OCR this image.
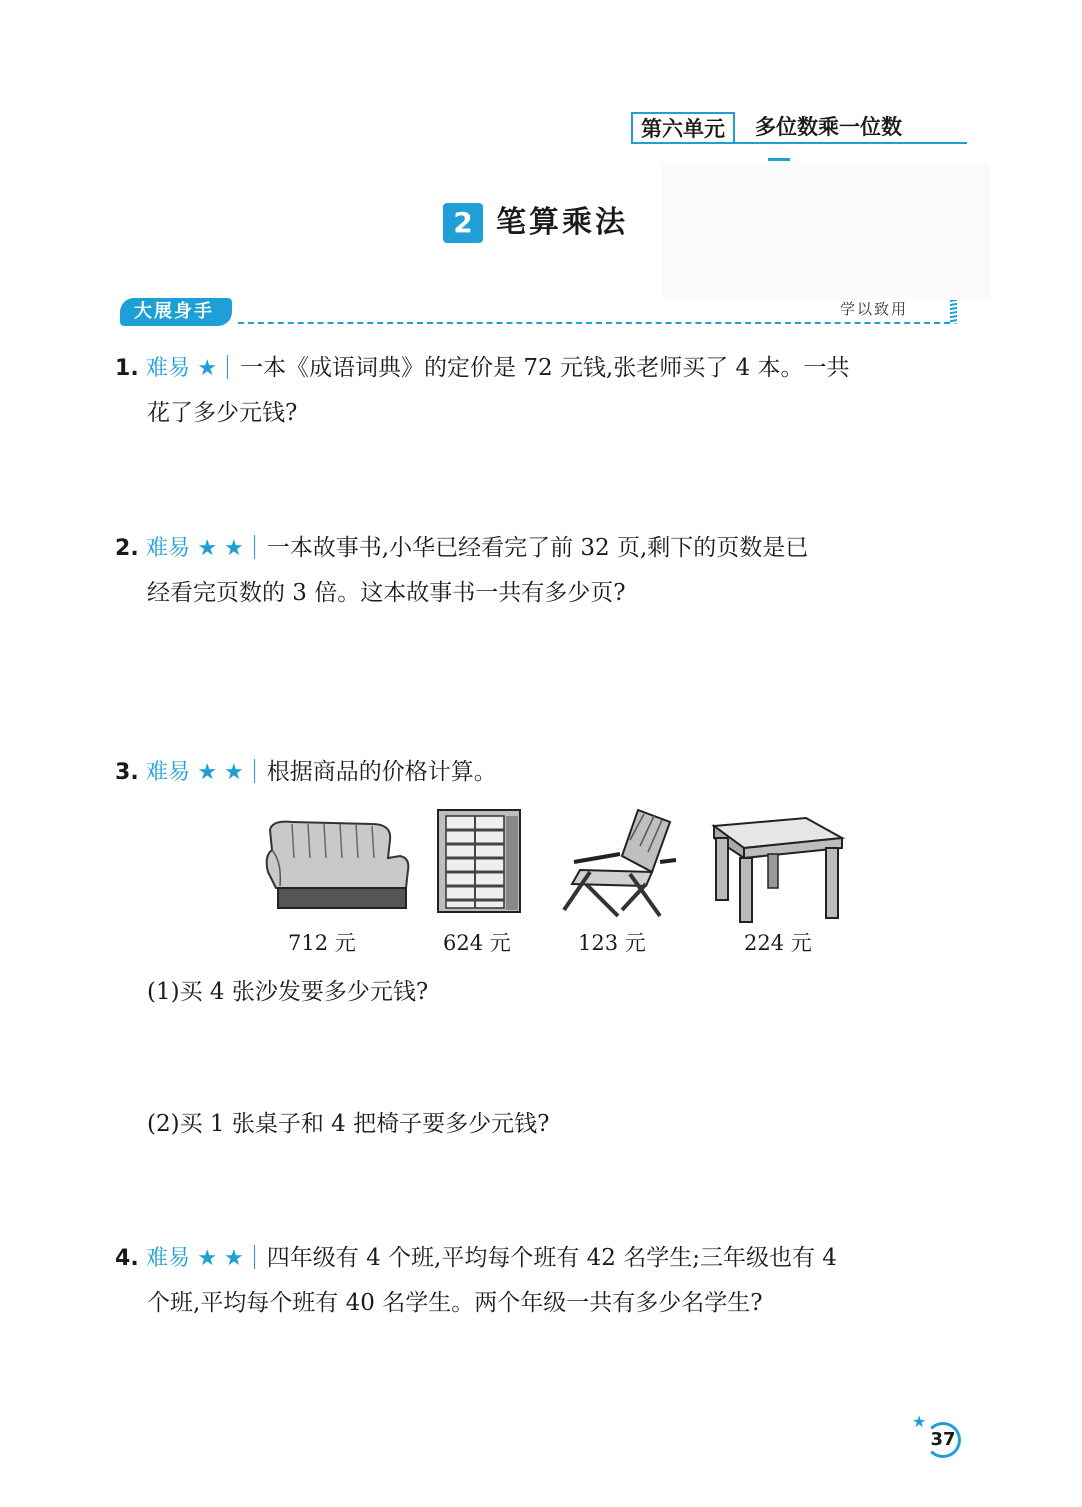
第六单元	多位数乘一位数
2 笔算乘法
大展身手	学以致用
1. 难易 ★ 一本《成语词典》的定价是 72 元钱,张老师买了 4 本。一共
花了多少元钱?
2. 难易 ★ ★ 一本故事书,小华已经看完了前 32 页,剩下的页数是已
经看完页数的 3 倍。这本故事书一共有多少页?
3. 难易 ★ ★ 根据商品的价格计算。
712 元	624 元	123 元	224 元
(1)买 4 张沙发要多少元钱?
(2)买 1 张桌子和 4 把椅子要多少元钱?
4. 难易 ★ ★ 四年级有 4 个班,平均每个班有 42 名学生;三年级也有 4
个班,平均每个班有 40 名学生。两个年级一共有多少名学生?
★
37
